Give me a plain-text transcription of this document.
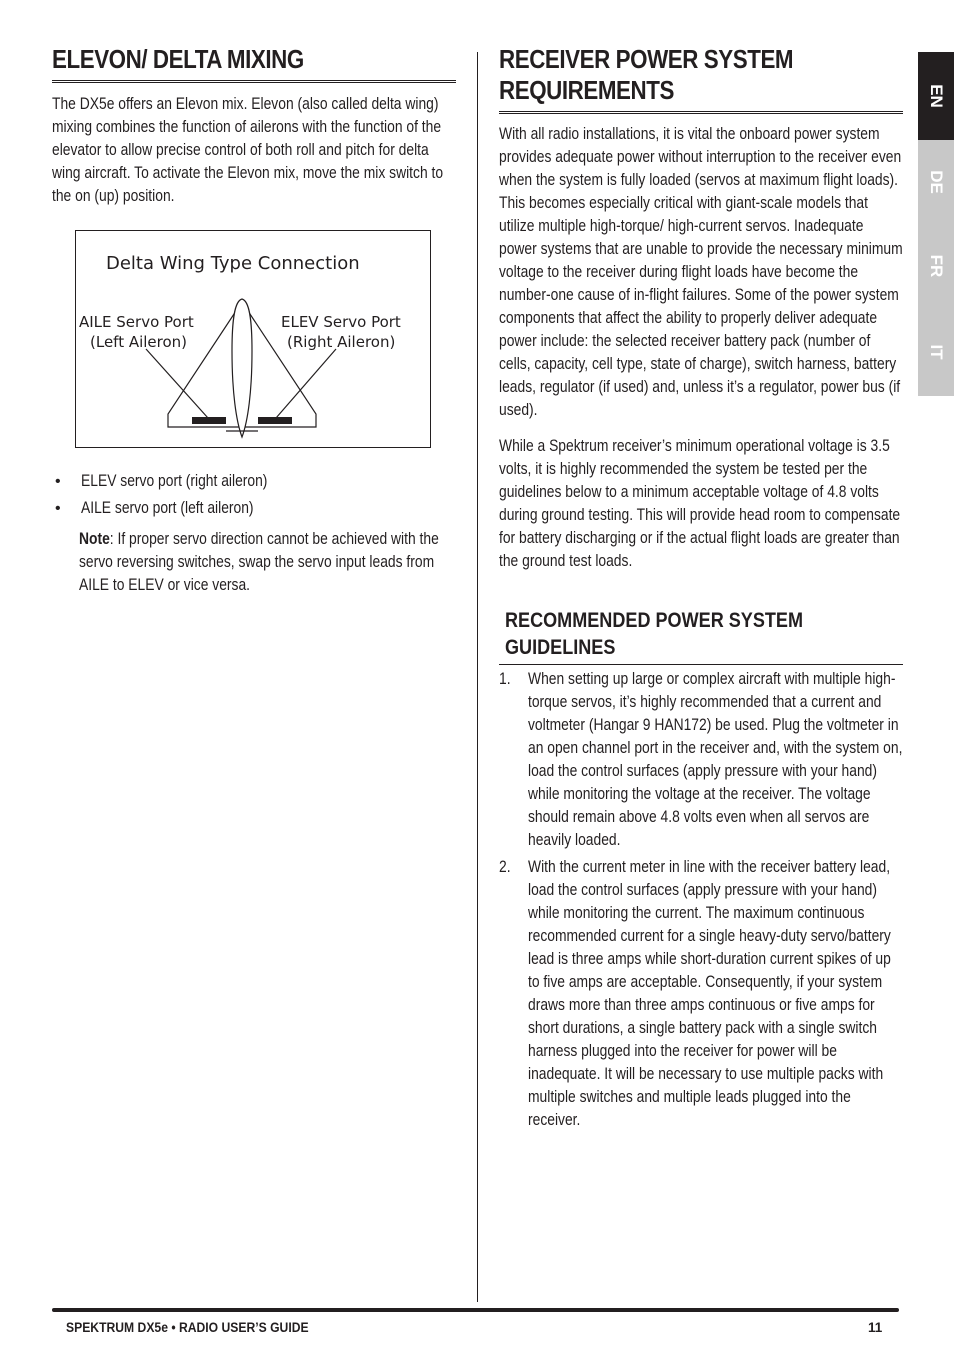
ELEVON/ DELTA MIXING

The DX5e offers an Elevon mix. Elevon (also called delta wing) mixing combines the function of ailerons with the function of the elevator to allow precise control of both roll and pitch for delta wing aircraft. To activate the Elevon mix, move the mix switch to the on (up) position.

Delta Wing Type Connection
AILE Servo Port
(Left Aileron)
ELEV Servo Port
(Right Aileron)
• ELEV servo port (right aileron)
• AILE servo port (left aileron)

Note: If proper servo direction cannot be achieved with the servo reversing switches, swap the servo input leads from AILE to ELEV or vice versa.

RECEIVER POWER SYSTEM REQUIREMENTS

With all radio installations, it is vital the onboard power system provides adequate power without interruption to the receiver even when the system is fully loaded (servos at maximum flight loads). This becomes especially critical with giant-scale models that utilize multiple high-torque/ high-current servos. Inadequate power systems that are unable to provide the necessary minimum voltage to the receiver during flight loads have become the number-one cause of in-flight failures. Some of the power system components that affect the ability to properly deliver adequate power include: the selected receiver battery pack (number of cells, capacity, cell type, state of charge), switch harness, battery leads, regulator (if used) and, unless it’s a regulator, power bus (if used).

While a Spektrum receiver’s minimum operational voltage is 3.5 volts, it is highly recommended the system be tested per the guidelines below to a minimum acceptable voltage of 4.8 volts during ground testing. This will provide head room to compensate for battery discharging or if the actual flight loads are greater than the ground test loads.

RECOMMENDED POWER SYSTEM GUIDELINES
1. When setting up large or complex aircraft with multiple high-torque servos, it’s highly recommended that a current and voltmeter (Hangar 9 HAN172) be used. Plug the voltmeter in an open channel port in the receiver and, with the system on, load the control surfaces (apply pressure with your hand) while monitoring the voltage at the receiver. The voltage should remain above 4.8 volts even when all servos are heavily loaded.

2. With the current meter in line with the receiver battery lead, load the control surfaces (apply pressure with your hand) while monitoring the current. The maximum continuous recommended current for a single heavy-duty servo/battery lead is three amps while short-duration current spikes of up to five amps are acceptable. Consequently, if your system draws more than three amps continuous or five amps for short durations, a single battery pack with a single switch harness plugged into the receiver for power will be inadequate. It will be necessary to use multiple packs with multiple switches and multiple leads plugged into the receiver.

EN
DE
FR
IT
SPEKTRUM DX5e • RADIO USER’S GUIDE	11
